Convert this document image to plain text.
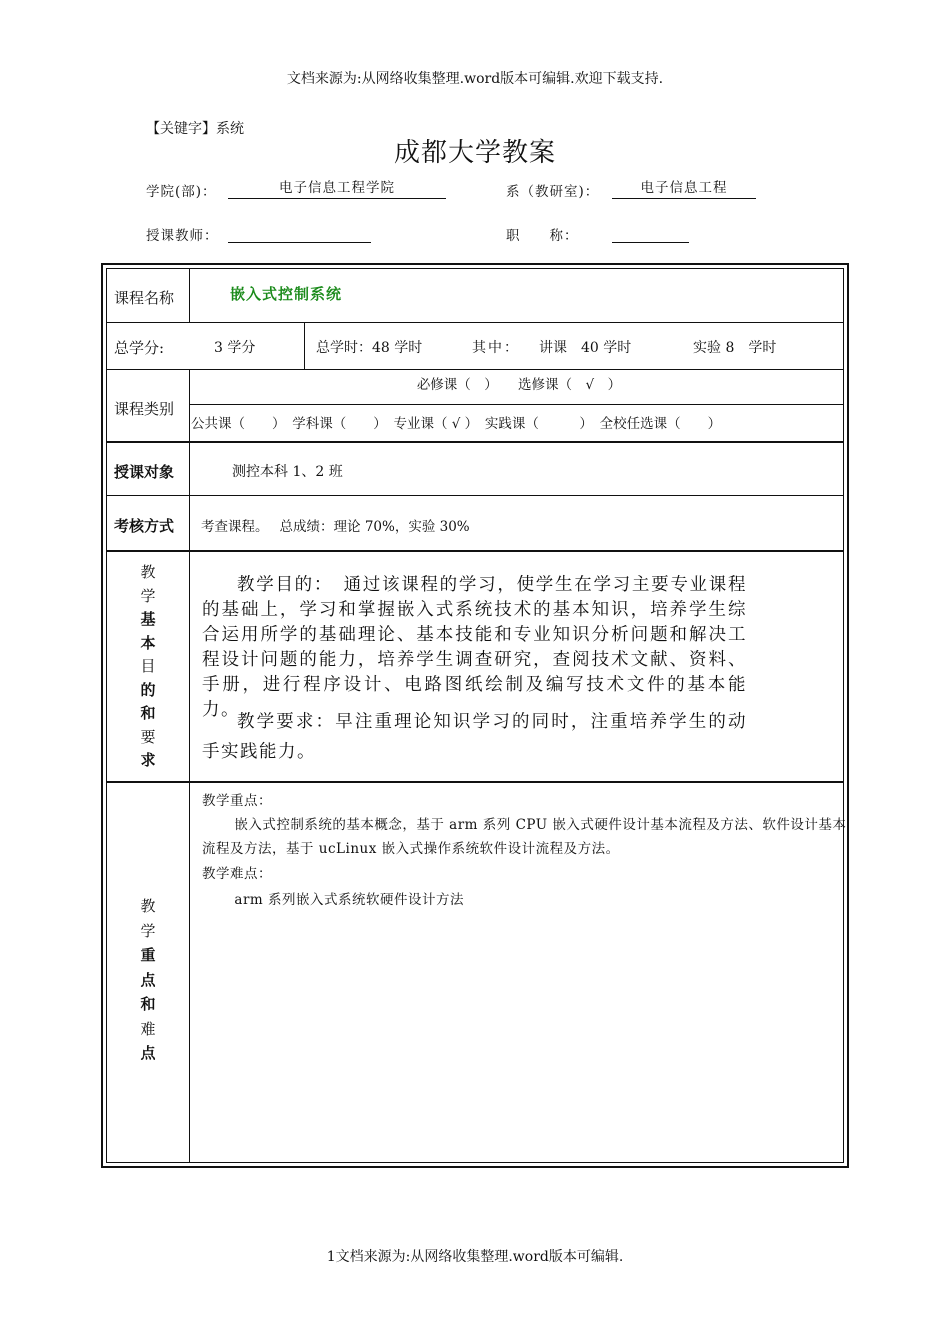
文档来源为:从网络收集整理.word版本可编辑.欢迎下载支持.
【关键字】系统
成都大学教案
学院(部)：	电子信息工程学院	系（教研室)：	电子信息工程
授课教师：	职　　称：
课程名称	嵌入式控制系统
总学分:	3 学分	总学时：48 学时	其中： 讲课　40 学时	实验 8　学时
课程类别
必修课（　）　　选修课（　√　）
公共课（　　）　学科课（　　）　专业课（ √ ）　实践课（　　　）　全校任选课（　　）
授课对象	测控本科 1、2 班
考核方式 考查课程。　 总成绩：理论 70%，实验 30%
教
学
基
本
目
的
和
要
求
教学目的：　通过该课程的学习，使学生在学习主要专业课程的基础上，学习和掌握嵌入式系统技术的基本知识，培养学生综合运用所学的基础理论、基本技能和专业知识分析问题和解决工程设计问题的能力，培养学生调查研究，查阅技术文献、资料、手册，进行程序设计、电路图纸绘制及编写技术文件的基本能力。
教学要求：早注重理论知识学习的同时，注重培养学生的动手实践能力。
教
学
重
点
和
难
点
教学重点：
嵌入式控制系统的基本概念，基于 arm 系列 CPU 嵌入式硬件设计基本流程及方法、软件设计基本流程及方法，基于 ucLinux 嵌入式操作系统软件设计流程及方法。
教学难点：
arm 系列嵌入式系统软硬件设计方法
1文档来源为:从网络收集整理.word版本可编辑.
